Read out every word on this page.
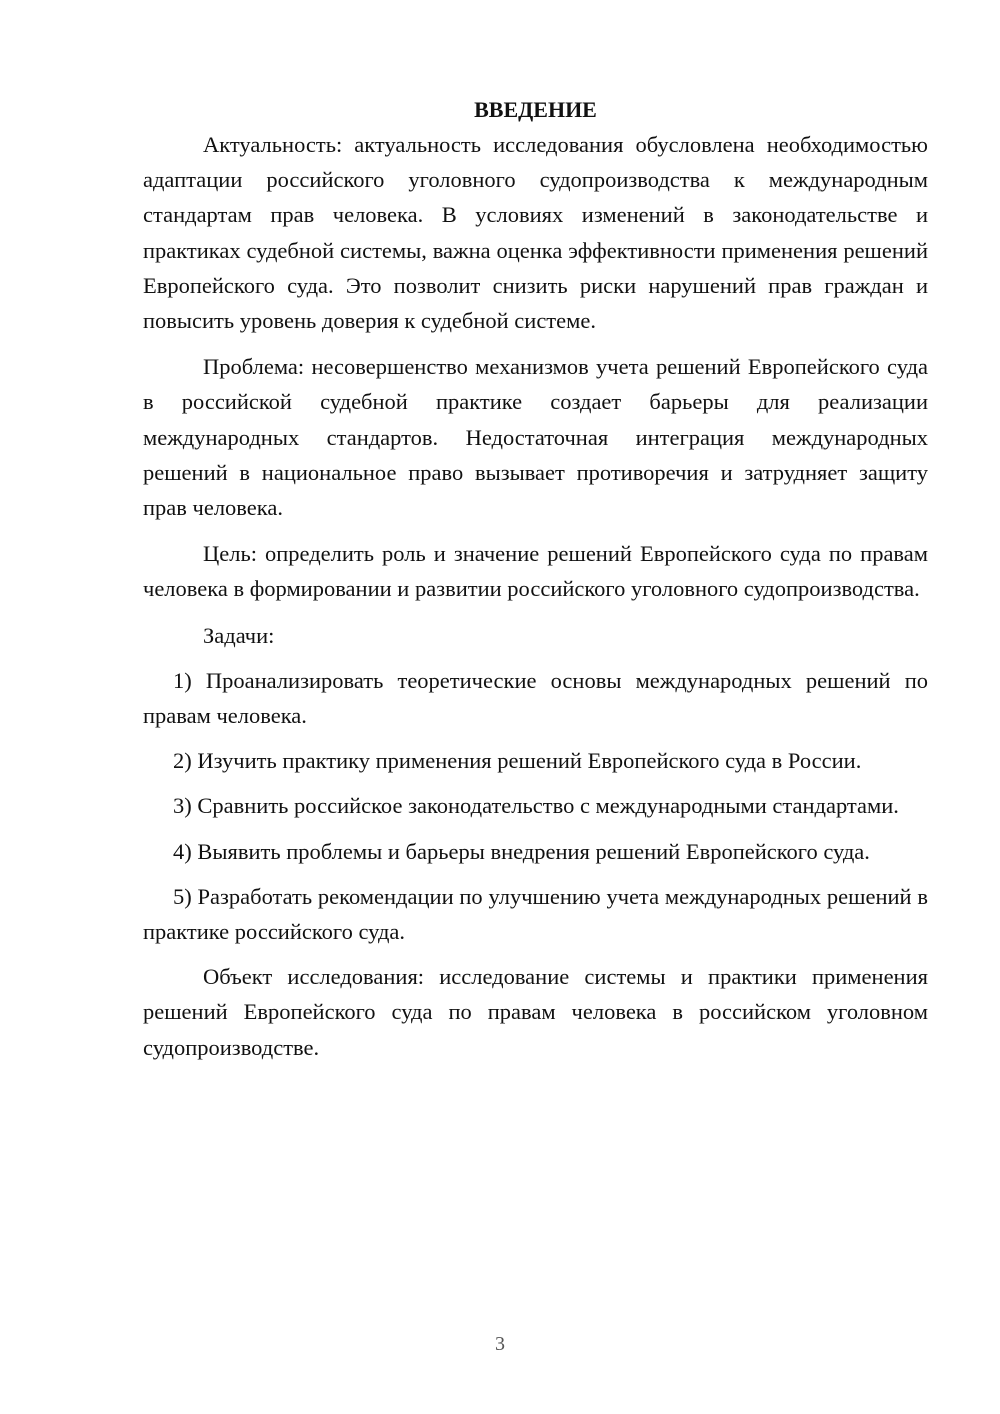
ВВЕДЕНИЕ

Актуальность: актуальность исследования обусловлена необходимостью адаптации российского уголовного судопроизводства к международным стандартам прав человека. В условиях изменений в законодательстве и практиках судебной системы, важна оценка эффективности применения решений Европейского суда. Это позволит снизить риски нарушений прав граждан и повысить уровень доверия к судебной системе.

Проблема: несовершенство механизмов учета решений Европейского суда в российской судебной практике создает барьеры для реализации международных стандартов. Недостаточная интеграция международных решений в национальное право вызывает противоречия и затрудняет защиту прав человека.

Цель: определить роль и значение решений Европейского суда по правам человека в формировании и развитии российского уголовного судопроизводства.

Задачи:

1) Проанализировать теоретические основы международных решений по правам человека.

2) Изучить практику применения решений Европейского суда в России.

3) Сравнить российское законодательство с международными стандартами.

4) Выявить проблемы и барьеры внедрения решений Европейского суда.

5) Разработать рекомендации по улучшению учета международных решений в практике российского суда.

Объект исследования: исследование системы и практики применения решений Европейского суда по правам человека в российском уголовном судопроизводстве.

3
